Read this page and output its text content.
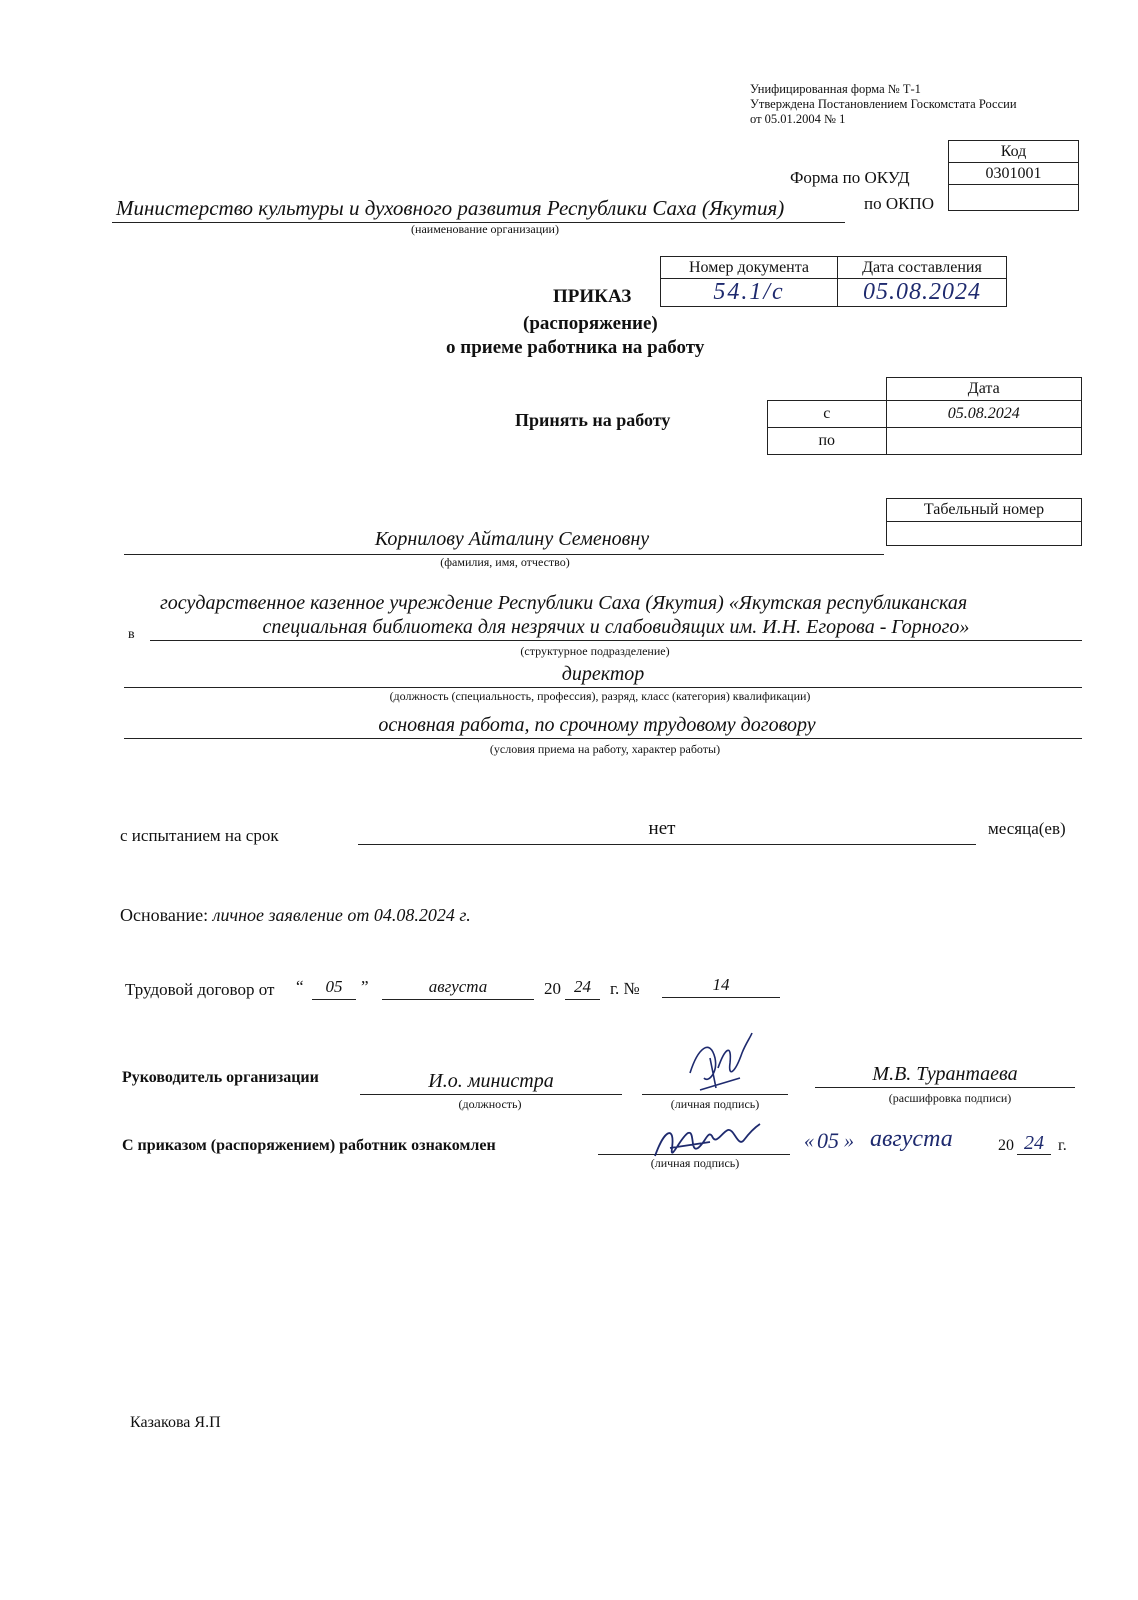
Унифицированная форма № Т-1
Утверждена Постановлением Госкомстата России
от 05.01.2004 № 1
Код
0301001

Форма по ОКУД
по ОКПО
Министерство культуры и духовного развития Республики Саха (Якутия)
(наименование организации)
Номер документа	Дата составления
54.1/с	05.08.2024
ПРИКАЗ
(распоряжение)
о приеме работника на работу
Принять на работу
	Дата
с	05.08.2024
по	
Табельный номер

Корнилову Айталину Семеновну
(фамилия, имя, отчество)
государственное казенное учреждение Республики Саха (Якутия) «Якутская республиканская
в	специальная библиотека для незрячих и слабовидящих им. И.Н. Егорова - Горного»
(структурное подразделение)
директор
(должность (специальность, профессия), разряд, класс (категория) квалификации)
основная работа, по срочному трудовому договору
(условия приема на работу, характер работы)
с испытанием на срок	нет	месяца(ев)
Основание: личное заявление от 04.08.2024 г.
Трудовой договор от “	05	”	августа	20 24	г. №	14
Руководитель организации	И.о. министра
(должность)	(личная подпись)
М.В. Турантаева
(расшифровка подписи)
С приказом (распоряжением) работник ознакомлен
(личная подпись)
« 05 » августа	20 24 г.
Казакова Я.П
